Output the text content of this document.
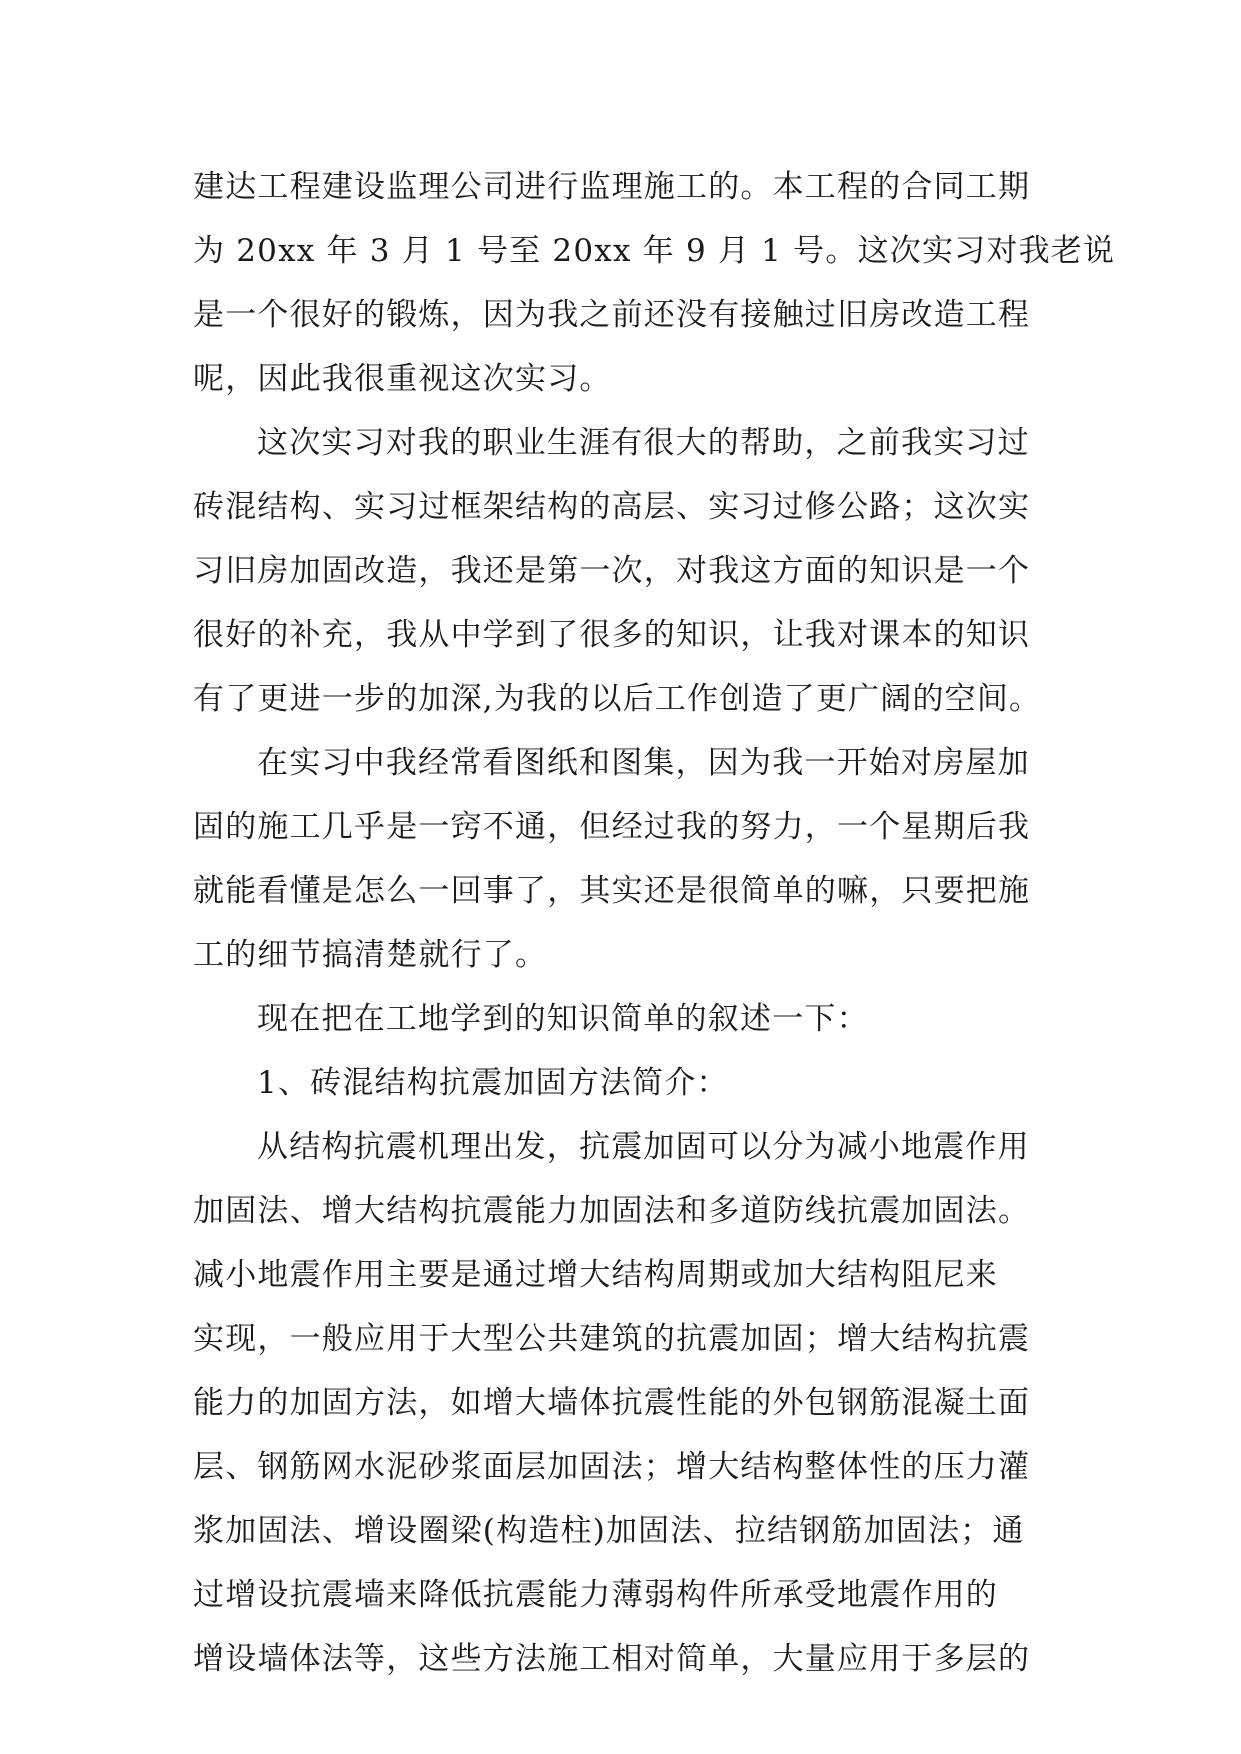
建达工程建设监理公司进行监理施工的。本工程的合同工期
为 20xx 年 3 月 1 号至 20xx 年 9 月 1 号。这次实习对我老说
是一个很好的锻炼，因为我之前还没有接触过旧房改造工程
呢，因此我很重视这次实习。
这次实习对我的职业生涯有很大的帮助，之前我实习过
砖混结构、实习过框架结构的高层、实习过修公路；这次实
习旧房加固改造，我还是第一次，对我这方面的知识是一个
很好的补充，我从中学到了很多的知识，让我对课本的知识
有了更进一步的加深,为我的以后工作创造了更广阔的空间。
在实习中我经常看图纸和图集，因为我一开始对房屋加
固的施工几乎是一窍不通，但经过我的努力，一个星期后我
就能看懂是怎么一回事了，其实还是很简单的嘛，只要把施
工的细节搞清楚就行了。
现在把在工地学到的知识简单的叙述一下：
1、砖混结构抗震加固方法简介：
从结构抗震机理出发，抗震加固可以分为减小地震作用
加固法、增大结构抗震能力加固法和多道防线抗震加固法。
减小地震作用主要是通过增大结构周期或加大结构阻尼来
实现，一般应用于大型公共建筑的抗震加固；增大结构抗震
能力的加固方法，如增大墙体抗震性能的外包钢筋混凝土面
层、钢筋网水泥砂浆面层加固法；增大结构整体性的压力灌
浆加固法、增设圈梁(构造柱)加固法、拉结钢筋加固法；通
过增设抗震墙来降低抗震能力薄弱构件所承受地震作用的
增设墙体法等，这些方法施工相对简单，大量应用于多层的
